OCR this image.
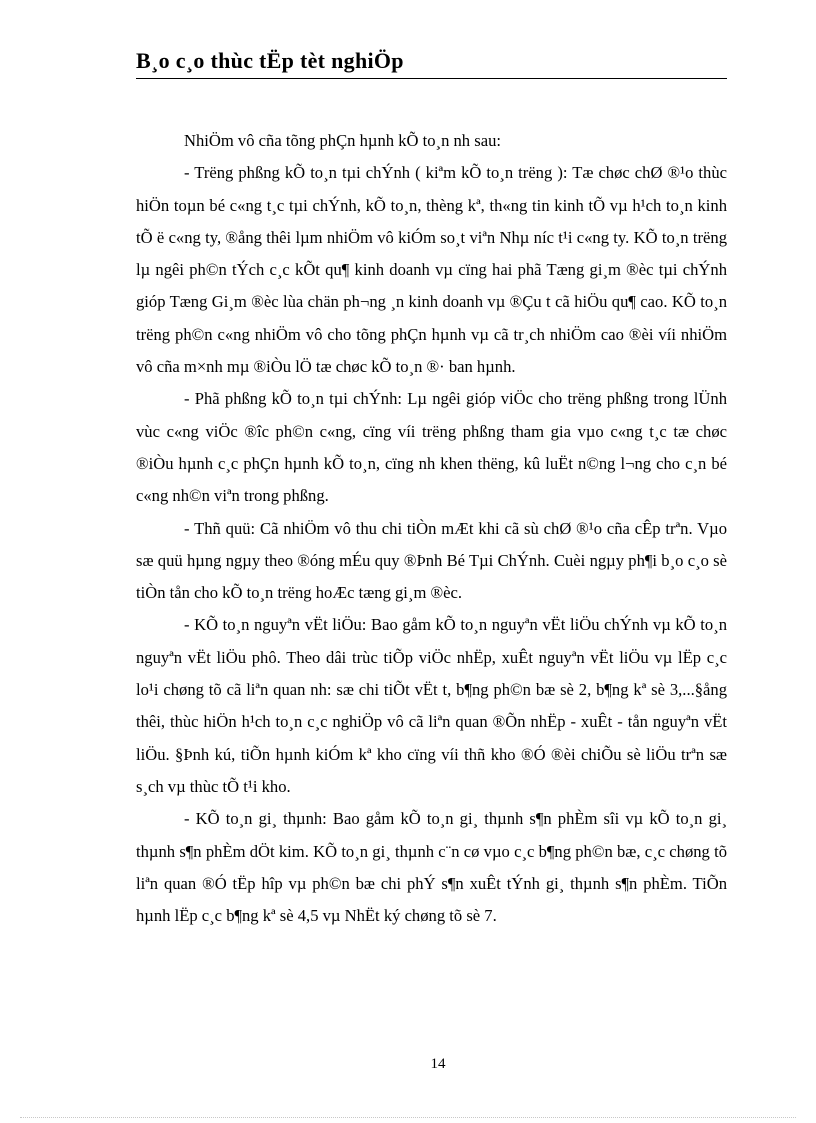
B¸o c¸o thùc tËp tèt nghiÖp

NhiÖm vô cña tõng phÇn hµnh kÕ to¸n nh sau:

- Trëng phßng kÕ to¸n tµi chÝnh ( kiªm kÕ to¸n trëng ): Tæ chøc chØ ®¹o thùc hiÖn toµn bé c«ng t¸c tµi chÝnh, kÕ to¸n, thèng kª, th«ng tin kinh tÕ vµ h¹ch to¸n kinh tÕ ë c«ng ty, ®ång thêi lµm nhiÖm vô kiÓm so¸t viªn Nhµ níc t¹i c«ng ty. KÕ to¸n trëng lµ ngêi ph©n tÝch c¸c kÕt qu¶ kinh doanh vµ cïng hai phã Tæng gi¸m ®èc tµi chÝnh gióp Tæng Gi¸m ®èc lùa chän ph¬ng ¸n kinh doanh vµ ®Çu t cã hiÖu qu¶ cao. KÕ to¸n trëng ph©n c«ng nhiÖm vô cho tõng phÇn hµnh vµ cã tr¸ch nhiÖm cao ®èi víi nhiÖm vô cña m×nh mµ ®iÒu lÖ tæ chøc kÕ to¸n ®· ban hµnh.

- Phã phßng kÕ to¸n tµi chÝnh: Lµ ngêi gióp viÖc cho trëng phßng trong lÜnh vùc c«ng viÖc ®îc ph©n c«ng, cïng víi trëng phßng tham gia vµo c«ng t¸c tæ chøc ®iÒu hµnh c¸c phÇn hµnh kÕ to¸n, cïng nh khen thëng, kû luËt n©ng l¬ng cho c¸n bé c«ng nh©n viªn trong phßng.

- Thñ quü: Cã nhiÖm vô thu chi tiÒn mÆt khi cã sù chØ ®¹o cña cÊp trªn. Vµo sæ quü hµng ngµy theo ®óng mÉu quy ®Þnh Bé Tµi ChÝnh. Cuèi ngµy ph¶i b¸o c¸o sè tiÒn tån cho kÕ to¸n trëng hoÆc tæng gi¸m ®èc.

- KÕ to¸n nguyªn vËt liÖu: Bao gåm kÕ to¸n nguyªn vËt liÖu chÝnh vµ kÕ to¸n nguyªn vËt liÖu phô. Theo dâi trùc tiÕp viÖc nhËp, xuÊt nguyªn vËt liÖu vµ lËp c¸c lo¹i chøng tõ cã liªn quan nh: sæ chi tiÕt vËt t, b¶ng ph©n bæ sè 2, b¶ng kª sè 3,...§ång thêi, thùc hiÖn h¹ch to¸n c¸c nghiÖp vô cã liªn quan ®Õn nhËp - xuÊt - tån nguyªn vËt liÖu. §Þnh kú, tiÕn hµnh kiÓm kª kho cïng víi thñ kho ®Ó ®èi chiÕu sè liÖu trªn sæ s¸ch vµ thùc tÕ t¹i kho.

- KÕ to¸n gi¸ thµnh: Bao gåm kÕ to¸n gi¸ thµnh s¶n phÈm sîi vµ kÕ to¸n gi¸ thµnh s¶n phÈm dÖt kim. KÕ to¸n gi¸ thµnh c¨n cø vµo c¸c b¶ng ph©n bæ, c¸c chøng tõ liªn quan ®Ó tËp hîp vµ ph©n bæ chi phÝ s¶n xuÊt tÝnh gi¸ thµnh s¶n phÈm. TiÕn hµnh lËp c¸c b¶ng kª sè 4,5 vµ NhËt ký chøng tõ sè 7.

14
